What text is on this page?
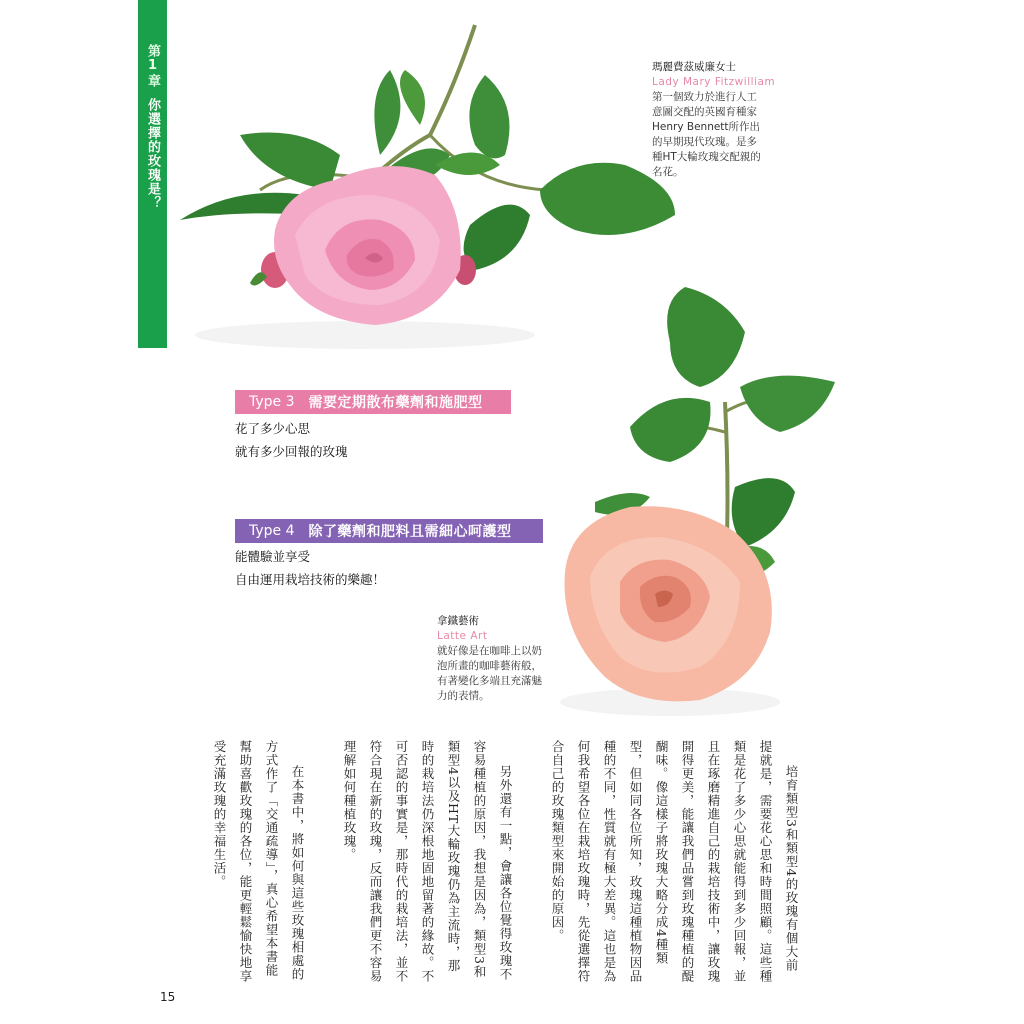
第1章
你選擇的玫瑰是？
瑪麗費茲威廉女士
Lady Mary Fitzwilliam
第一個致力於進行人工
意圖交配的英國育種家
Henry Bennett所作出
的早期現代玫瑰。是多
種HT大輪玫瑰交配親的
名花。
Type 3 需要定期散布藥劑和施肥型
花了多少心思
就有多少回報的玫瑰
Type 4 除了藥劑和肥料且需細心呵護型
能體驗並享受
自由運用栽培技術的樂趣！
拿鐵藝術
Latte Art
就好像是在咖啡上以奶
泡所畫的咖啡藝術般，
有著變化多端且充滿魅
力的表情。

培育類型3和類型4的玫瑰有個大前提就是，需要花心思和時間照顧。這些種類是花了多少心思就能得到多少回報，並且在琢磨精進自己的栽培技術中，讓玫瑰開得更美，能讓我們品嘗到玫瑰種植的醍醐味。像這樣子將玫瑰大略分成4種類型，但如同各位所知，玫瑰這種植物因品種的不同，性質就有極大差異。這也是為何我希望各位在栽培玫瑰時，先從選擇符合自己的玫瑰類型來開始的原因。

另外還有一點，會讓各位覺得玫瑰不容易種植的原因，我想是因為，類型3和類型4以及HT大輪玫瑰仍為主流時，那時的栽培法仍深根地固地留著的緣故。不可否認的事實是，那時代的栽培法，並不符合現在新的玫瑰，反而讓我們更不容易理解如何種植玫瑰。

在本書中，將如何與這些玫瑰相處的方式作了「交通疏導」，真心希望本書能幫助喜歡玫瑰的各位，能更輕鬆愉快地享受充滿玫瑰的幸福生活。

15
